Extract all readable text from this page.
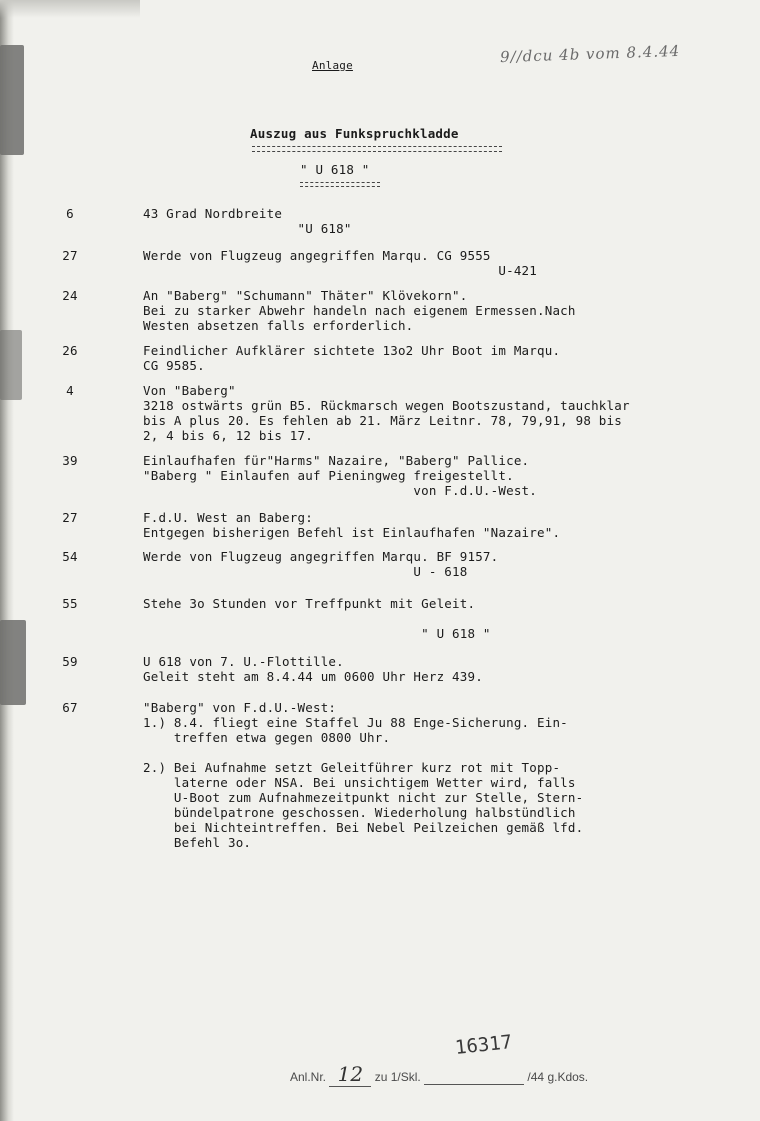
Anlage	9//dcu 4b vom 8.4.44
Auszug aus Funkspruchkladde
" U 618 "
6	43 Grad Nordbreite
"U 618"
27	Werde von Flugzeug angegriffen Marqu. CG 9555
U-421
24	An "Baberg" "Schumann" Thäter" Klövekorn".
Bei zu starker Abwehr handeln nach eigenem Ermessen.Nach
Westen absetzen falls erforderlich.
26	Feindlicher Aufklärer sichtete 13o2 Uhr Boot im Marqu.
CG 9585.
4	Von "Baberg"
3218 ostwärts grün B5. Rückmarsch wegen Bootszustand, tauchklar
bis A plus 20. Es fehlen ab 21. März Leitnr. 78, 79,91, 98 bis
2, 4 bis 6, 12 bis 17.
39	Einlaufhafen für"Harms" Nazaire, "Baberg" Pallice.
"Baberg " Einlaufen auf Pieningweg freigestellt.
von F.d.U.-West.
27	F.d.U. West an Baberg:
Entgegen bisherigen Befehl ist Einlaufhafen "Nazaire".
54	Werde von Flugzeug angegriffen Marqu. BF 9157.
U - 618
55	Stehe 3o Stunden vor Treffpunkt mit Geleit.

" U 618 "
59	U 618 von 7. U.-Flottille.
Geleit steht am 8.4.44 um 0600 Uhr Herz 439.
67	"Baberg" von F.d.U.-West:
1.) 8.4. fliegt eine Staffel Ju 88 Enge-Sicherung. Ein-
treffen etwa gegen 0800 Uhr.

2.) Bei Aufnahme setzt Geleitführer kurz rot mit Topp-
laterne oder NSA. Bei unsichtigem Wetter wird, falls
U-Boot zum Aufnahmezeitpunkt nicht zur Stelle, Stern-
bündelpatrone geschossen. Wiederholung halbstündlich
bei Nichteintreffen. Bei Nebel Peilzeichen gemäß lfd.
Befehl 3o.
16317
Anl.Nr. 12 zu 1/Skl.	/44 g.Kdos.
